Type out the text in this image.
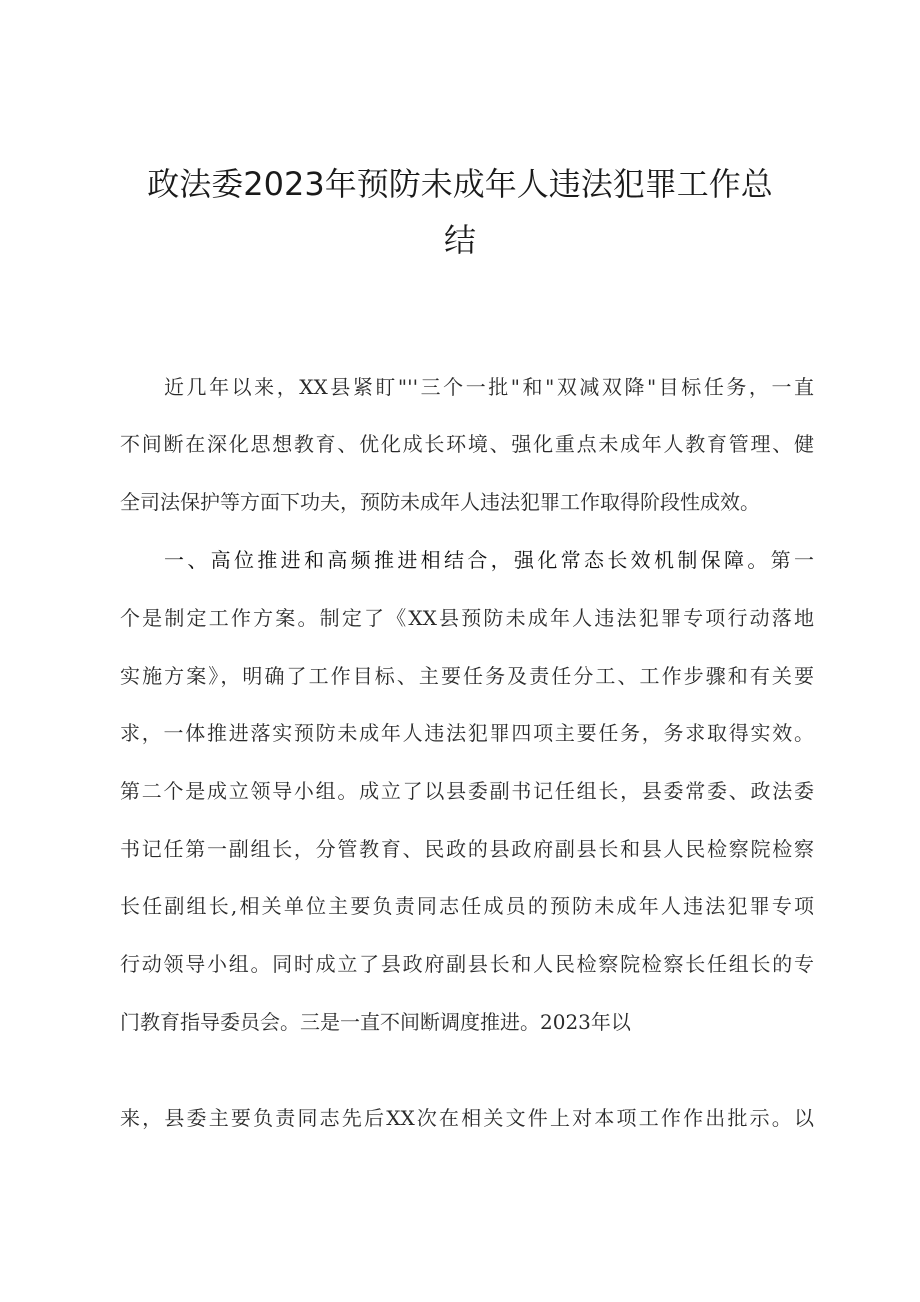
政法委2023年预防未成年人违法犯罪工作总
结
近几年以来，XX县紧盯"''三个一批"和"双减双降"目标任务，一直
不间断在深化思想教育、优化成长环境、强化重点未成年人教育管理、健
全司法保护等方面下功夫，预防未成年人违法犯罪工作取得阶段性成效。
一、高位推进和高频推进相结合，强化常态长效机制保障。第一
个是制定工作方案。制定了《XX县预防未成年人违法犯罪专项行动落地
实施方案》，明确了工作目标、主要任务及责任分工、工作步骤和有关要
求，一体推进落实预防未成年人违法犯罪四项主要任务，务求取得实效。
第二个是成立领导小组。成立了以县委副书记任组长，县委常委、政法委
书记任第一副组长，分管教育、民政的县政府副县长和县人民检察院检察
长任副组长,相关单位主要负责同志任成员的预防未成年人违法犯罪专项
行动领导小组。同时成立了县政府副县长和人民检察院检察长任组长的专
门教育指导委员会。三是一直不间断调度推进。2023年以
来，县委主要负责同志先后XX次在相关文件上对本项工作作出批示。以
